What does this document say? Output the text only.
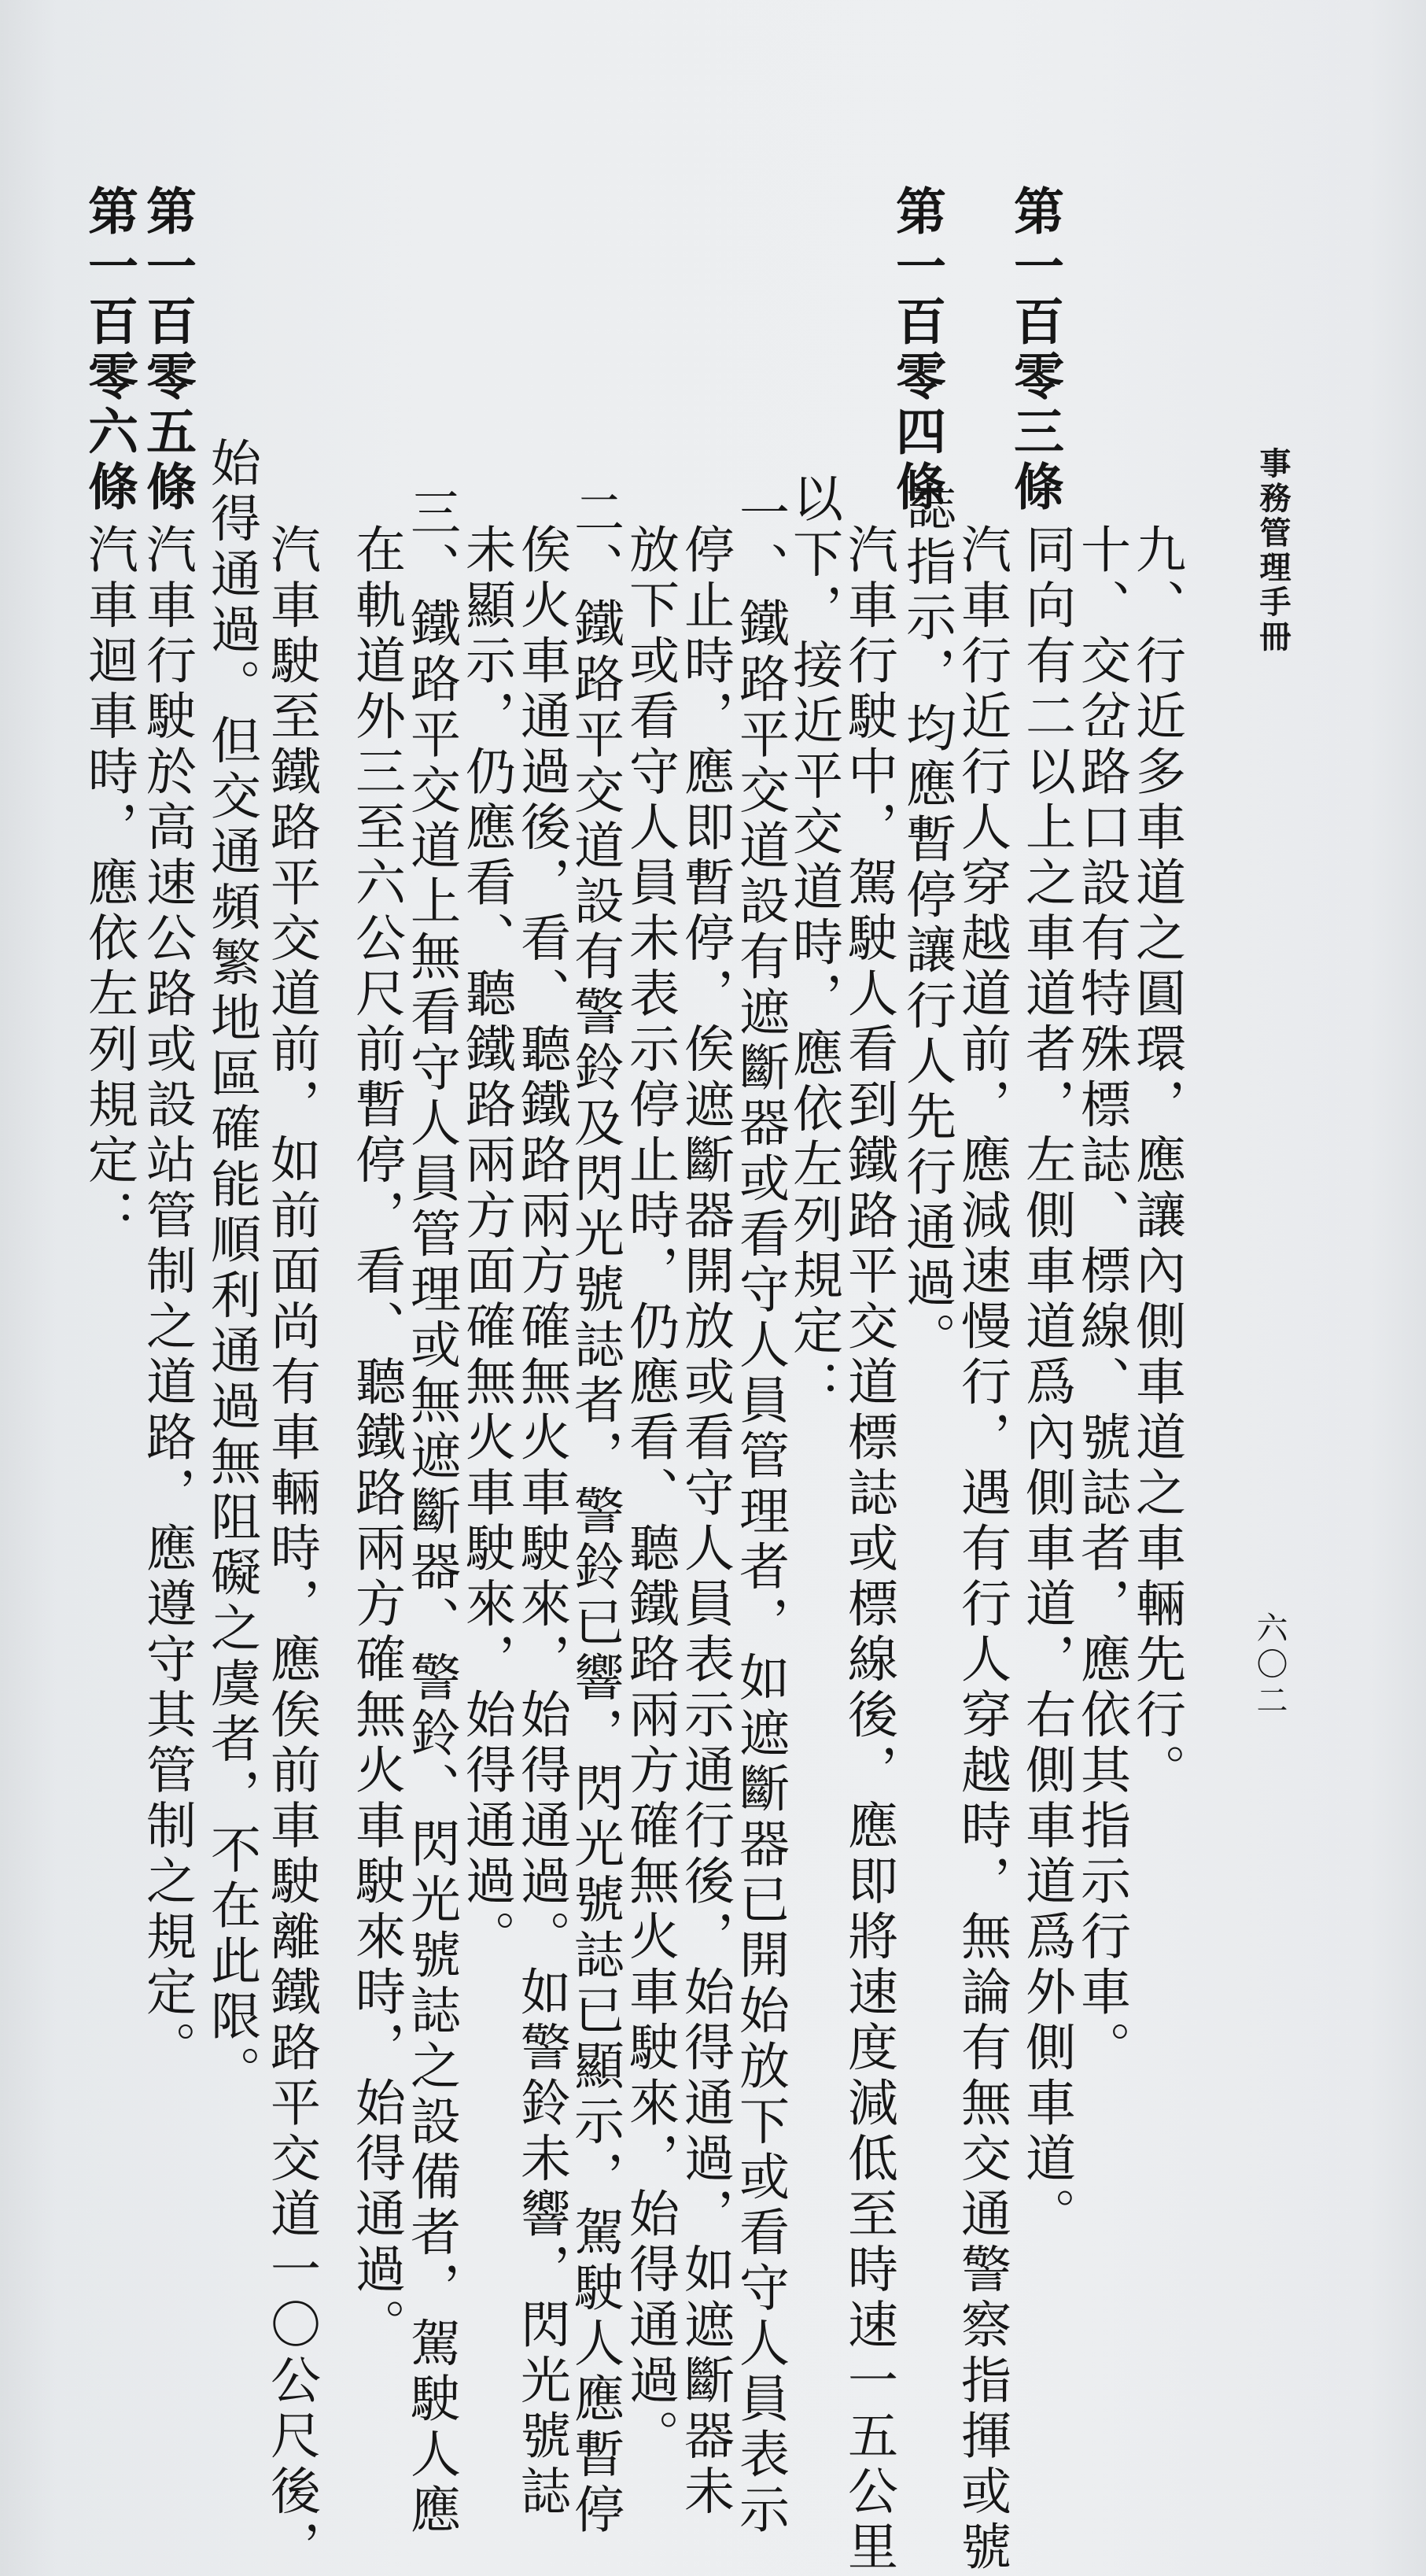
事務管理手冊
六〇二
九、行近多車道之圓環，應讓內側車道之車輛先行。
十、交岔路口設有特殊標誌、標線、號誌者，應依其指示行車。
同向有二以上之車道者，左側車道爲內側車道，右側車道爲外側車道。
第一百零三條
汽車行近行人穿越道前，應減速慢行，遇有行人穿越時，無論有無交通警察指揮或號
誌指示，均應暫停讓行人先行通過。
第一百零四條
汽車行駛中，駕駛人看到鐵路平交道標誌或標線後，應即將速度減低至時速一五公里
以下，接近平交道時，應依左列規定：
一、鐵路平交道設有遮斷器或看守人員管理者，如遮斷器已開始放下或看守人員表示
停止時，應即暫停，俟遮斷器開放或看守人員表示通行後，始得通過，如遮斷器未
放下或看守人員未表示停止時，仍應看、聽鐵路兩方確無火車駛來，始得通過。
二、鐵路平交道設有警鈴及閃光號誌者，警鈴已響，閃光號誌已顯示，駕駛人應暫停
俟火車通過後，看、聽鐵路兩方確無火車駛來，始得通過。如警鈴未響，閃光號誌
未顯示，仍應看、聽鐵路兩方面確無火車駛來，始得通過。
三、鐵路平交道上無看守人員管理或無遮斷器、警鈴、閃光號誌之設備者，駕駛人應
在軌道外三至六公尺前暫停，看、聽鐵路兩方確無火車駛來時，始得通過。
汽車駛至鐵路平交道前，如前面尚有車輛時，應俟前車駛離鐵路平交道一〇公尺後，
始得通過。但交通頻繁地區確能順利通過無阻礙之虞者，不在此限。
第一百零五條
汽車行駛於高速公路或設站管制之道路，應遵守其管制之規定。
第一百零六條
汽車迴車時，應依左列規定：
